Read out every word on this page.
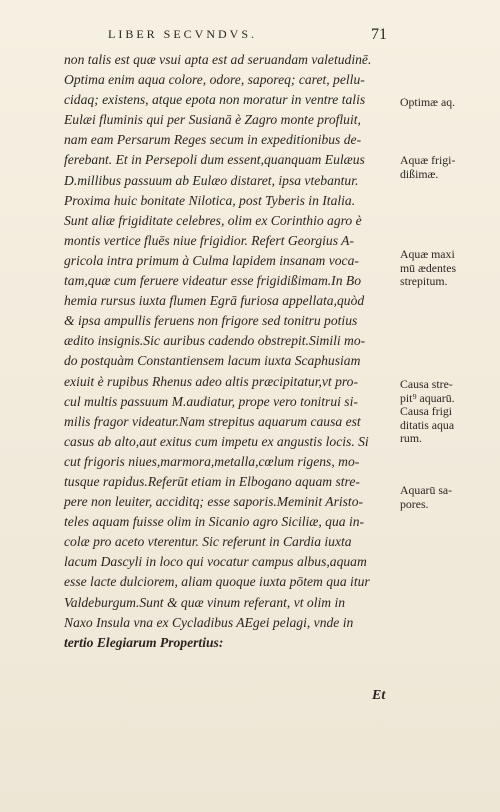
LIBER SECVNDVS.	71
non talis est quæ vsui apta est ad seruandam valetudinē.
Optima enim aqua colore, odore, saporeq; caret, pellu-
cidaq; existens, atque epota non moratur in ventre talis
Eulæi fluminis qui per Susianā è Zagro monte profluit,
nam eam Persarum Reges secum in expeditionibus de-
ferebant. Et in Persepoli dum essent,quanquam Eulæus
D.millibus passuum ab Eulæo distaret, ipsa vtebantur.
Proxima huic bonitate Nilotica, post Tyberis in Italia.
Sunt aliæ frigiditate celebres, olim ex Corinthio agro è
montis vertice fluēs niue frigidior. Refert Georgius A-
gricola intra primum à Culma lapidem insanam voca-
tam,quæ cum feruere videatur esse frigidißimam.In Bo
hemia rursus iuxta flumen Egrā furiosa appellata,quòd
& ipsa ampullis feruens non frigore sed tonitru potius
ædito insignis.Sic auribus cadendo obstrepit.Simili mo-
do postquàm Constantiensem lacum iuxta Scaphusiam
exiuit è rupibus Rhenus adeo altis præcipitatur,vt pro-
cul multis passuum M.audiatur, prope vero tonitrui si-
milis fragor videatur.Nam strepitus aquarum causa est
casus ab alto,aut exitus cum impetu ex angustis locis. Si
cut frigoris niues,marmora,metalla,cœlum rigens, mo-
tusque rapidus.Referūt etiam in Elbogano aquam stre-
pere non leuiter, acciditq; esse saporis.Meminit Aristo-
teles aquam fuisse olim in Sicanio agro Siciliæ, qua in-
colæ pro aceto vterentur. Sic referunt in Cardia iuxta
lacum Dascyli in loco qui vocatur campus albus,aquam
esse lacte dulciorem, aliam quoque iuxta pōtem qua itur
Valdeburgum.Sunt & quæ vinum referant, vt olim in
Naxo Insula vna ex Cycladibus AEgei pelagi, vnde in
tertio Elegiarum Propertius:
Et
Optimæ aq.
Aquæ frigi-
dißimæ.
Aquæ maxi
mū ædentes
strepitum.
Causa stre-
pit⁹ aquarū.
Causa frigi
ditatis aqua
rum.
Aquarū sa-
pores.
